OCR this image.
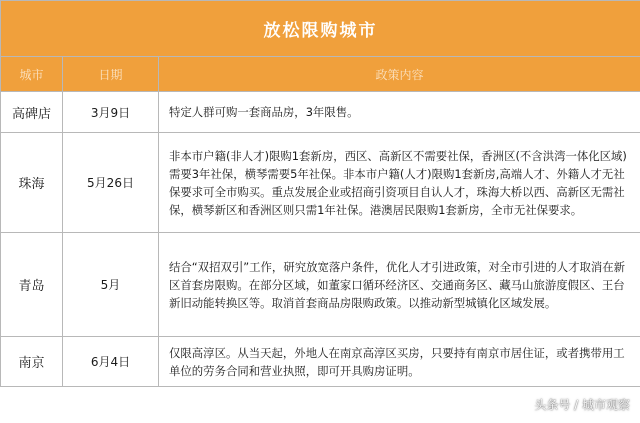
放松限购城市		
城市	日期	政策内容
高碑店	3月9日	特定人群可购一套商品房，3年限售。
珠海	5月26日	非本市户籍(非人才)限购1套新房，西区、高新区不需要社保，香洲区(不含洪湾一体化区域)需要3年社保，横琴需要5年社保。非本市户籍(人才)限购1套新房,高端人才、外籍人才无社保要求可全市购买。重点发展企业或招商引资项目自认人才，珠海大桥以西、高新区无需社保，横琴新区和香洲区则只需1年社保。港澳居民限购1套新房，全市无社保要求。
青岛	5月	结合“双招双引”工作，研究放宽落户条件，优化人才引进政策，对全市引进的人才取消在新区首套房限购。在部分区域，如董家口循环经济区、交通商务区、藏马山旅游度假区、王台新旧动能转换区等。取消首套商品房限购政策。以推动新型城镇化区域发展。
南京	6月4日	仅限高淳区。从当天起，外地人在南京高淳区买房，只要持有南京市居住证，或者携带用工单位的劳务合同和营业执照，即可开具购房证明。
头条号 / 城市观察
